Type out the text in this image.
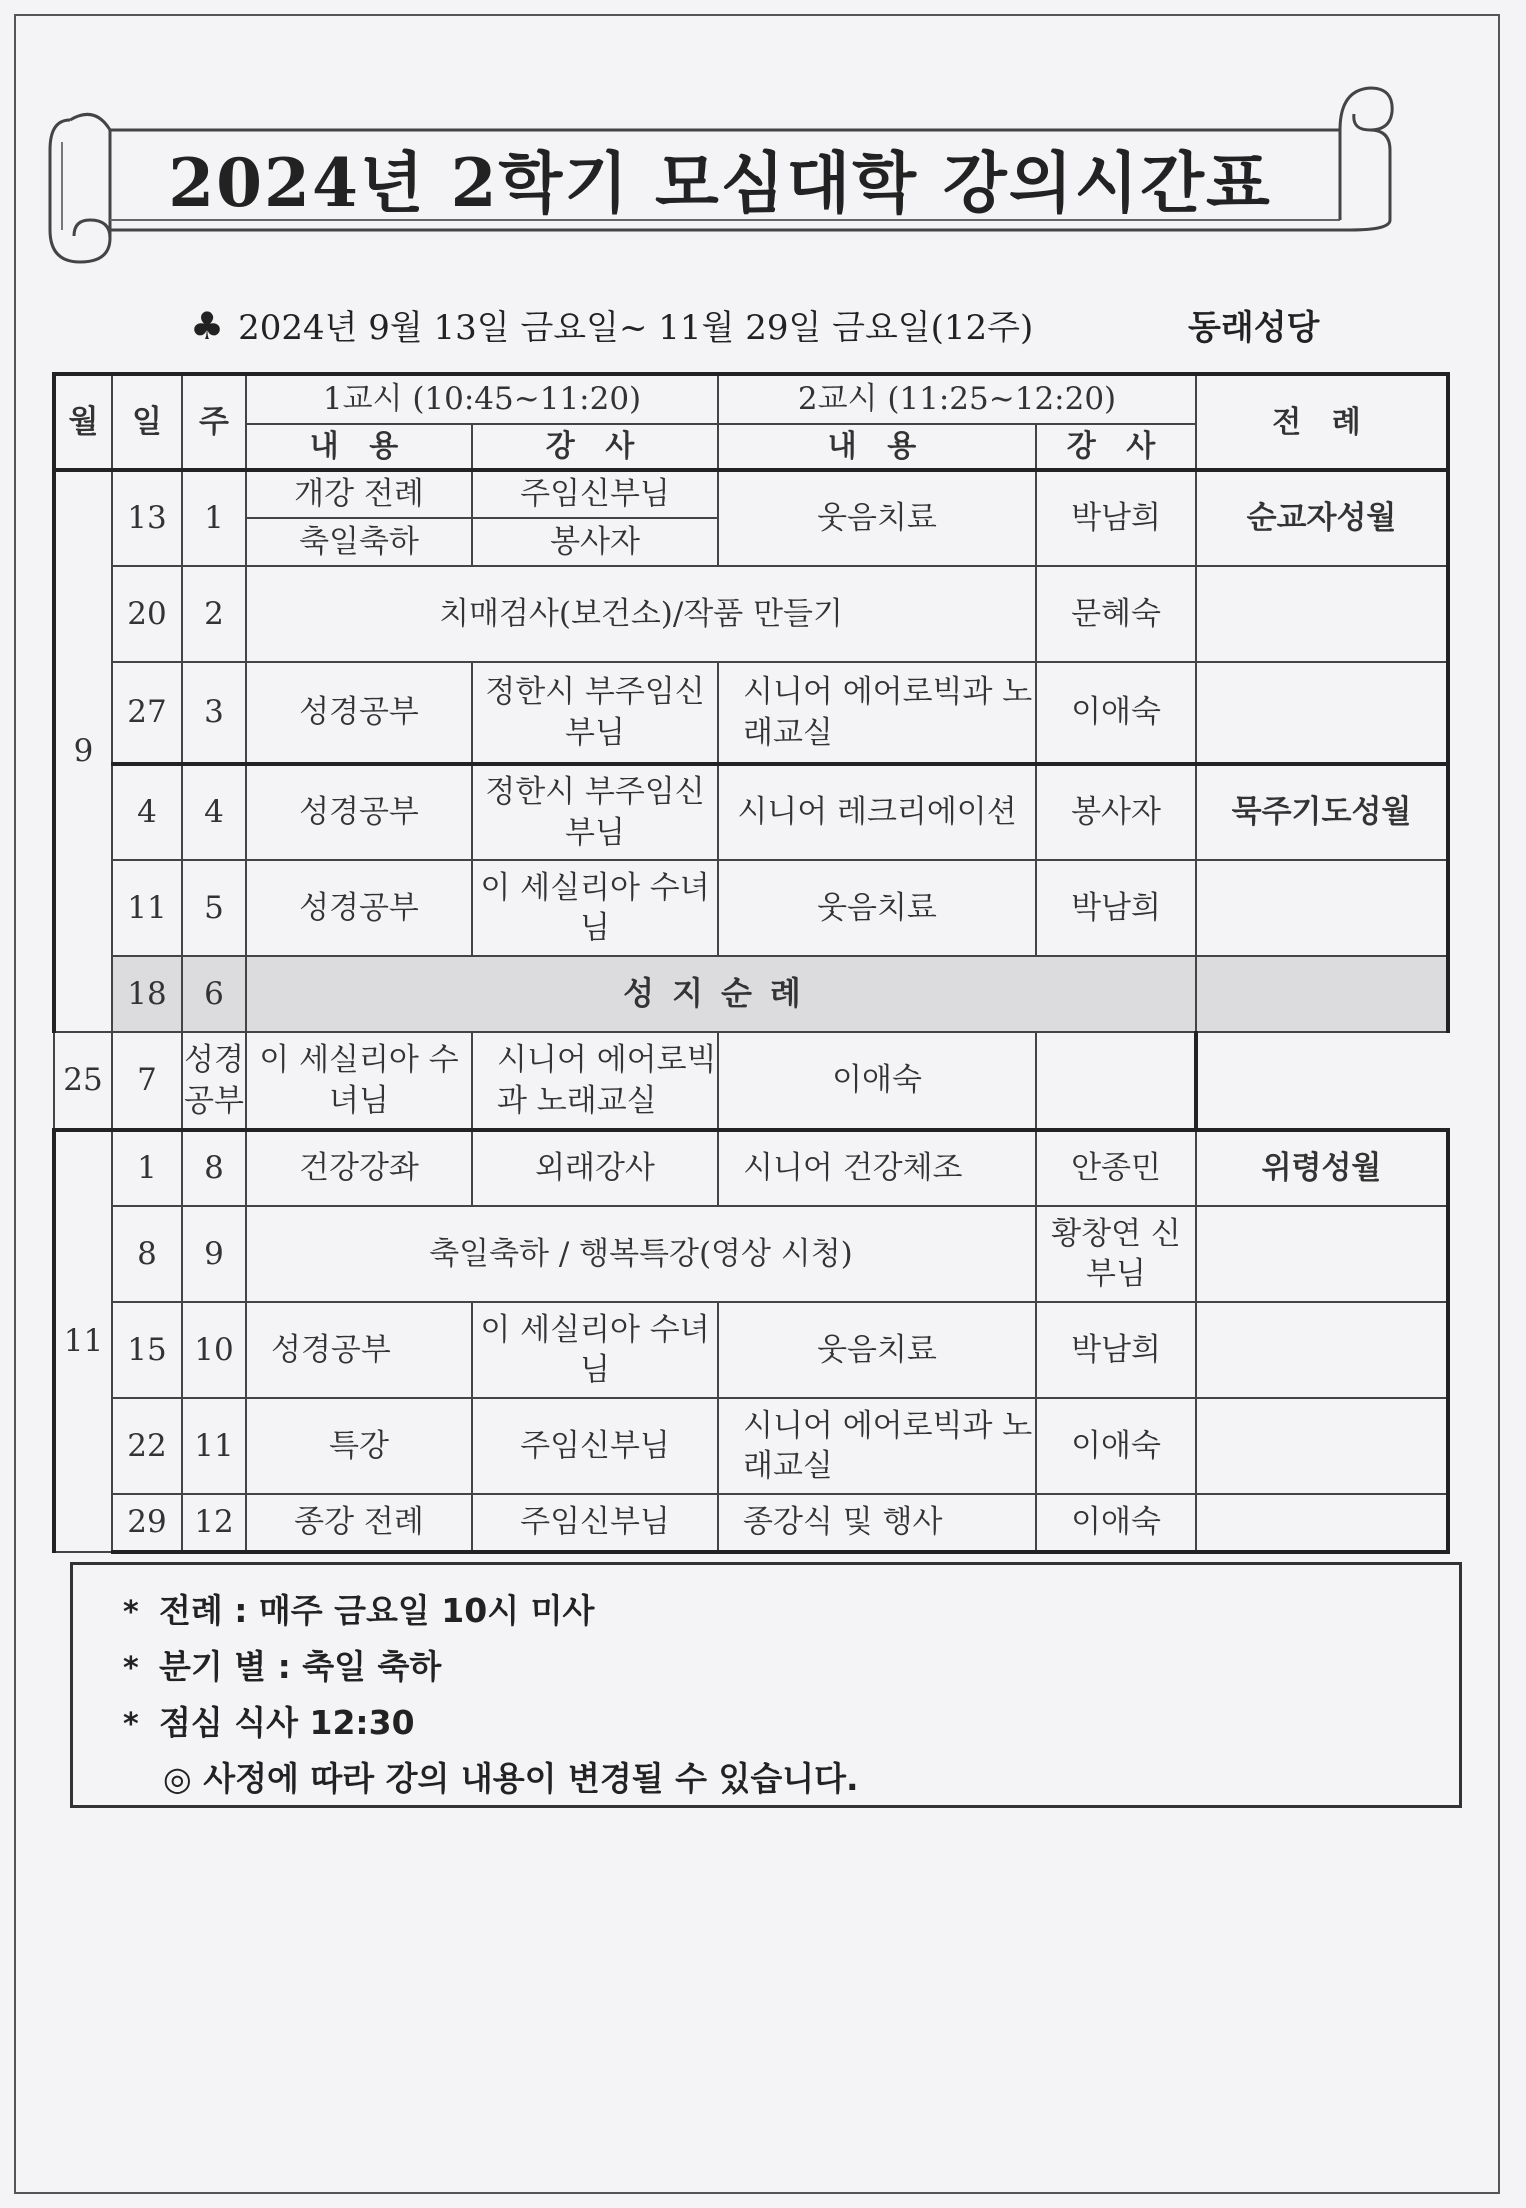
2024년 2학기 모심대학 강의시간표
♣ 2024년 9월 13일 금요일~ 11월 29일 금요일(12주)	동래성당
월	일	주	1교시 (10:45~11:20)		2교시 (11:25~12:20)		전 례
			내 용	강 사	내 용	강 사	
9	13	1	개강 전례	주임신부님	웃음치료	박남희	순교자성월
			축일축하	봉사자			
	20	2	치매검사(보건소)/작품 만들기			문혜숙	
	27	3	성경공부	정한시 부주임신부님	시니어 에어로빅과 노래교실	이애숙	
	4	4	성경공부	정한시 부주임신부님	시니어 레크리에이션	봉사자	묵주기도성월
	11	5	성경공부	이 세실리아 수녀님	웃음치료	박남희	
	18	6	성지순례				
25	7	성경공부	이 세실리아 수녀님	시니어 에어로빅과 노래교실	이애숙		
11	1	8	건강강좌	외래강사	시니어 건강체조	안종민	위령성월
	8	9	축일축하 / 행복특강(영상 시청)			황창연 신부님	
	15	10	성경공부	이 세실리아 수녀님	웃음치료	박남희	
	22	11	특강	주임신부님	시니어 에어로빅과 노래교실	이애숙	
	29	12	종강 전례	주임신부님	종강식 및 행사	이애숙	
* 전례 : 매주 금요일 10시 미사
* 분기 별 : 축일 축하
* 점심 식사 12:30
◎ 사정에 따라 강의 내용이 변경될 수 있습니다.
